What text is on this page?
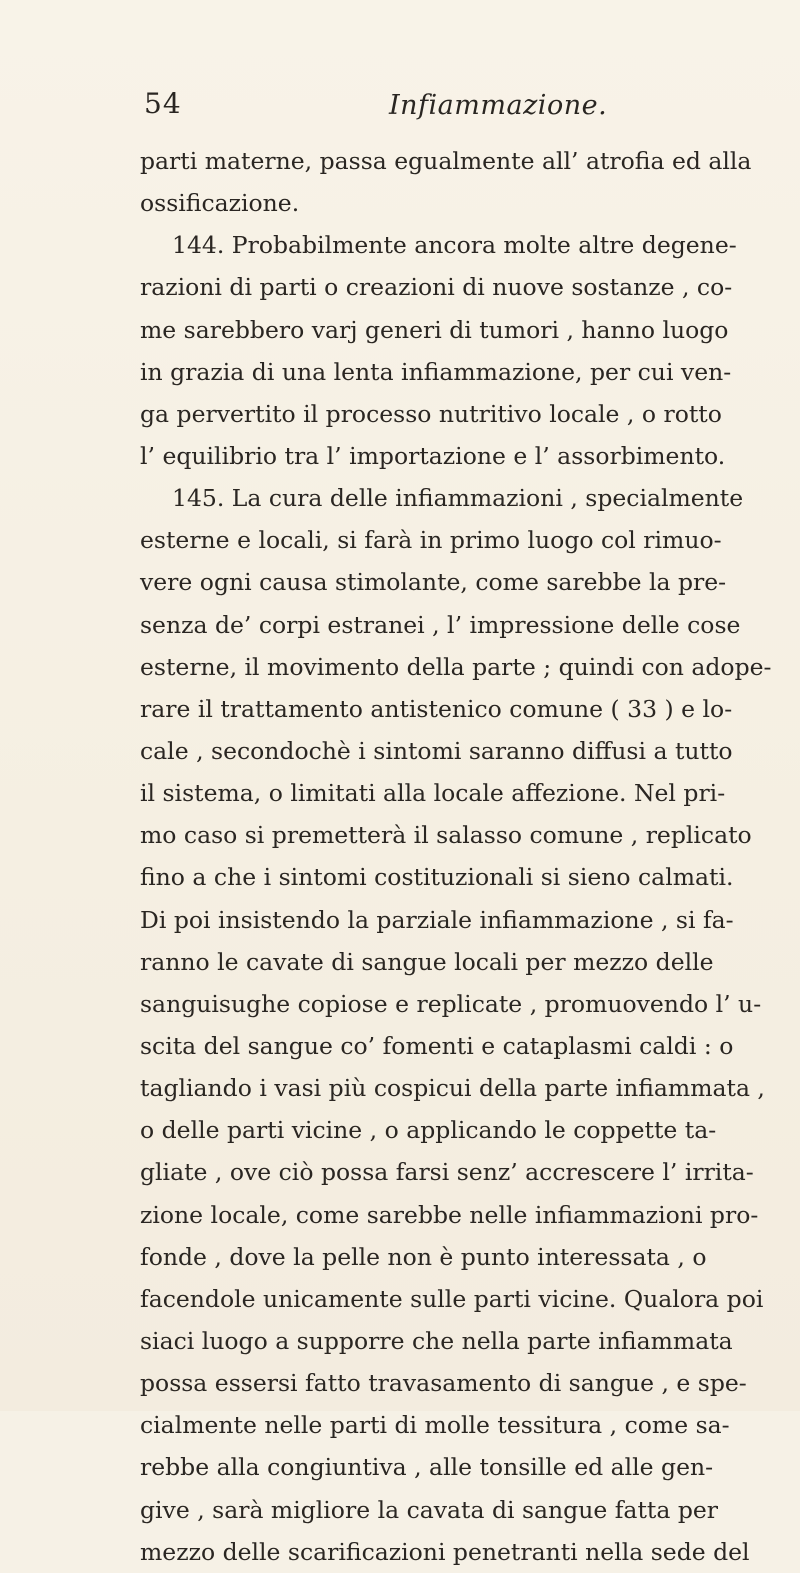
54	Infiammazione.
parti materne, passa egualmente all’ atrofia ed alla
ossificazione.
144. Probabilmente ancora molte altre degene-
razioni di parti o creazioni di nuove sostanze , co-
me sarebbero varj generi di tumori , hanno luogo
in grazia di una lenta infiammazione, per cui ven-
ga pervertito il processo nutritivo locale , o rotto
l’ equilibrio tra l’ importazione e l’ assorbimento.
145. La cura delle infiammazioni , specialmente
esterne e locali, si farà in primo luogo col rimuo-
vere ogni causa stimolante, come sarebbe la pre-
senza de’ corpi estranei , l’ impressione delle cose
esterne, il movimento della parte ; quindi con adope-
rare il trattamento antistenico comune ( 33 ) e lo-
cale , secondochè i sintomi saranno diffusi a tutto
il sistema, o limitati alla locale affezione. Nel pri-
mo caso si premetterà il salasso comune , replicato
fino a che i sintomi costituzionali si sieno calmati.
Di poi insistendo la parziale infiammazione , si fa-
ranno le cavate di sangue locali per mezzo delle
sanguisughe copiose e replicate , promuovendo l’ u-
scita del sangue co’ fomenti e cataplasmi caldi : o
tagliando i vasi più cospicui della parte infiammata ,
o delle parti vicine , o applicando le coppette ta-
gliate , ove ciò possa farsi senz’ accrescere l’ irrita-
zione locale, come sarebbe nelle infiammazioni pro-
fonde , dove la pelle non è punto interessata , o
facendole unicamente sulle parti vicine. Qualora poi
siaci luogo a supporre che nella parte infiammata
possa essersi fatto travasamento di sangue , e spe-
cialmente nelle parti di molle tessitura , come sa-
rebbe alla congiuntiva , alle tonsille ed alle gen-
give , sarà migliore la cavata di sangue fatta per
mezzo delle scarificazioni penetranti nella sede del
